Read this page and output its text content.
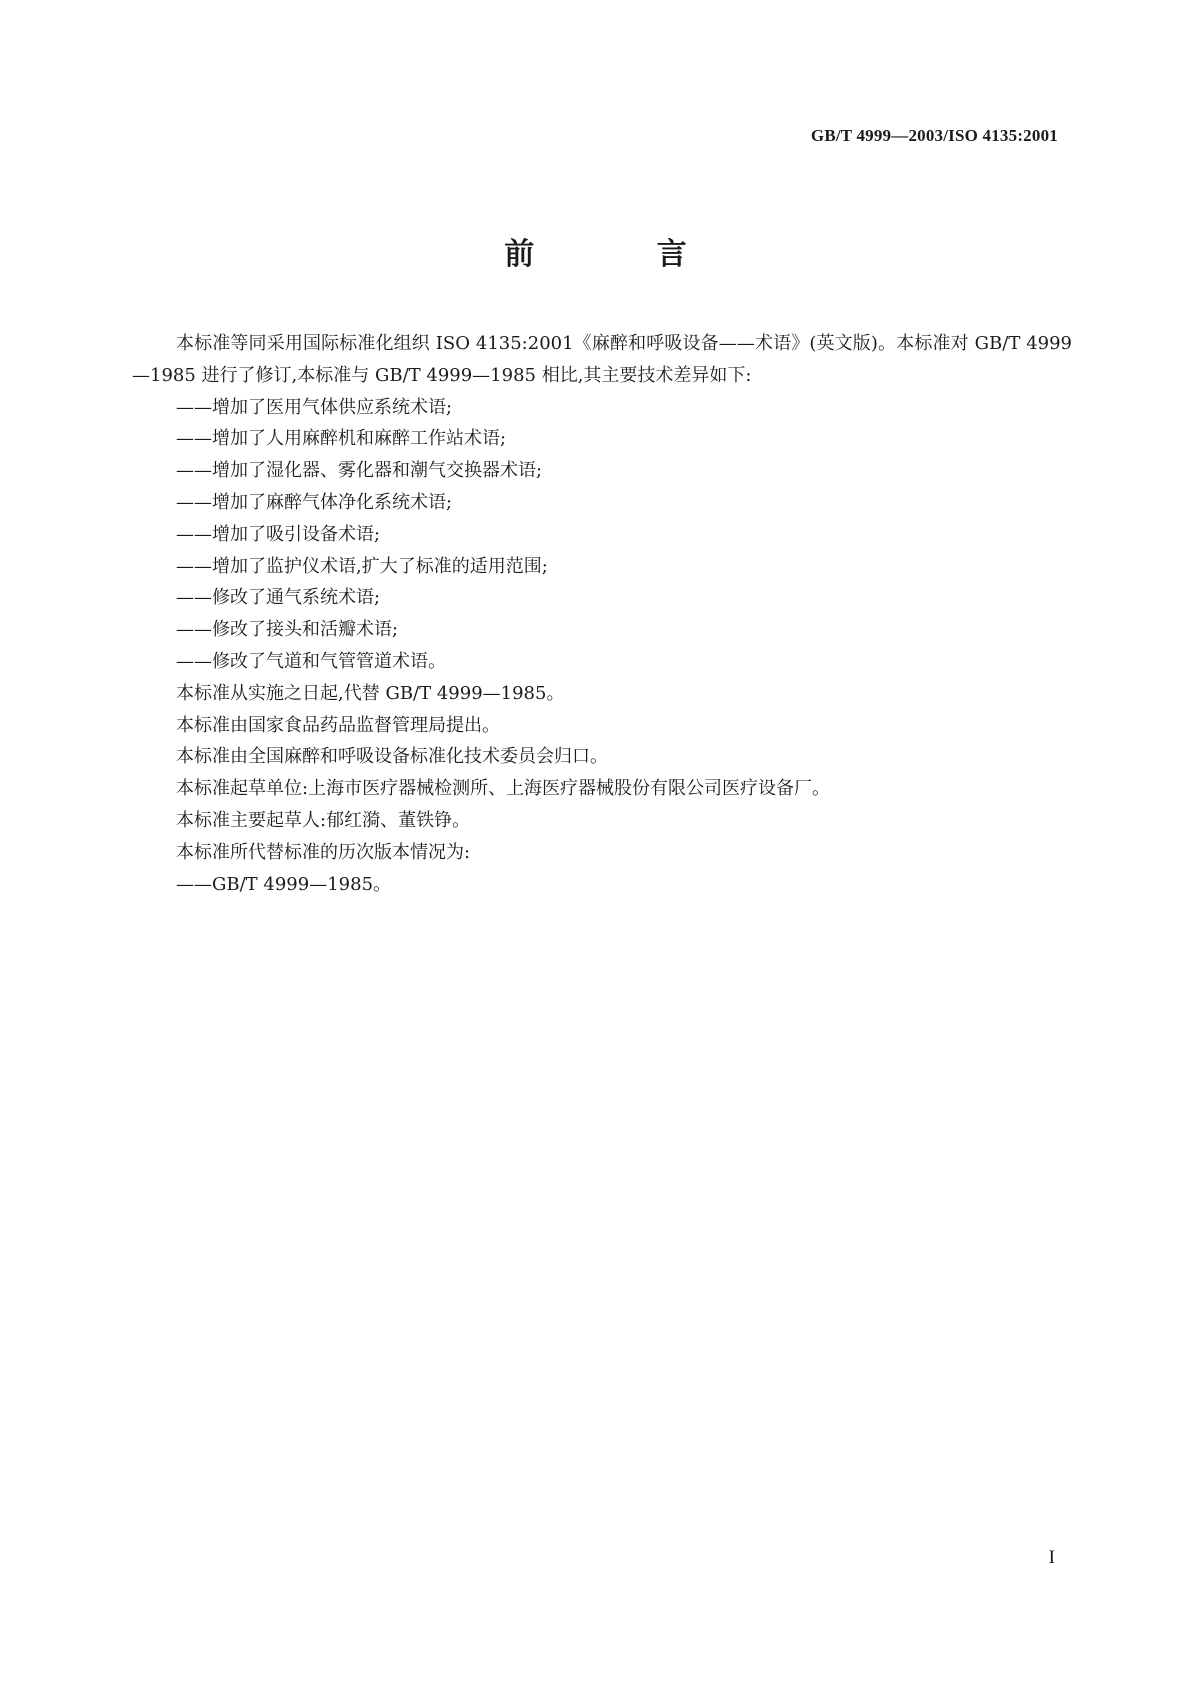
GB/T 4999—2003/ISO 4135:2001
前 言

本标准等同采用国际标准化组织 ISO 4135:2001《麻醉和呼吸设备——术语》(英文版)。本标准对 GB/T 4999—1985 进行了修订,本标准与 GB/T 4999—1985 相比,其主要技术差异如下:

——增加了医用气体供应系统术语;

——增加了人用麻醉机和麻醉工作站术语;

——增加了湿化器、雾化器和潮气交换器术语;

——增加了麻醉气体净化系统术语;

——增加了吸引设备术语;

——增加了监护仪术语,扩大了标准的适用范围;

——修改了通气系统术语;

——修改了接头和活瓣术语;

——修改了气道和气管管道术语。

本标准从实施之日起,代替 GB/T 4999—1985。

本标准由国家食品药品监督管理局提出。

本标准由全国麻醉和呼吸设备标准化技术委员会归口。

本标准起草单位:上海市医疗器械检测所、上海医疗器械股份有限公司医疗设备厂。

本标准主要起草人:郁红漪、董铁铮。

本标准所代替标准的历次版本情况为:

——GB/T 4999—1985。

I
